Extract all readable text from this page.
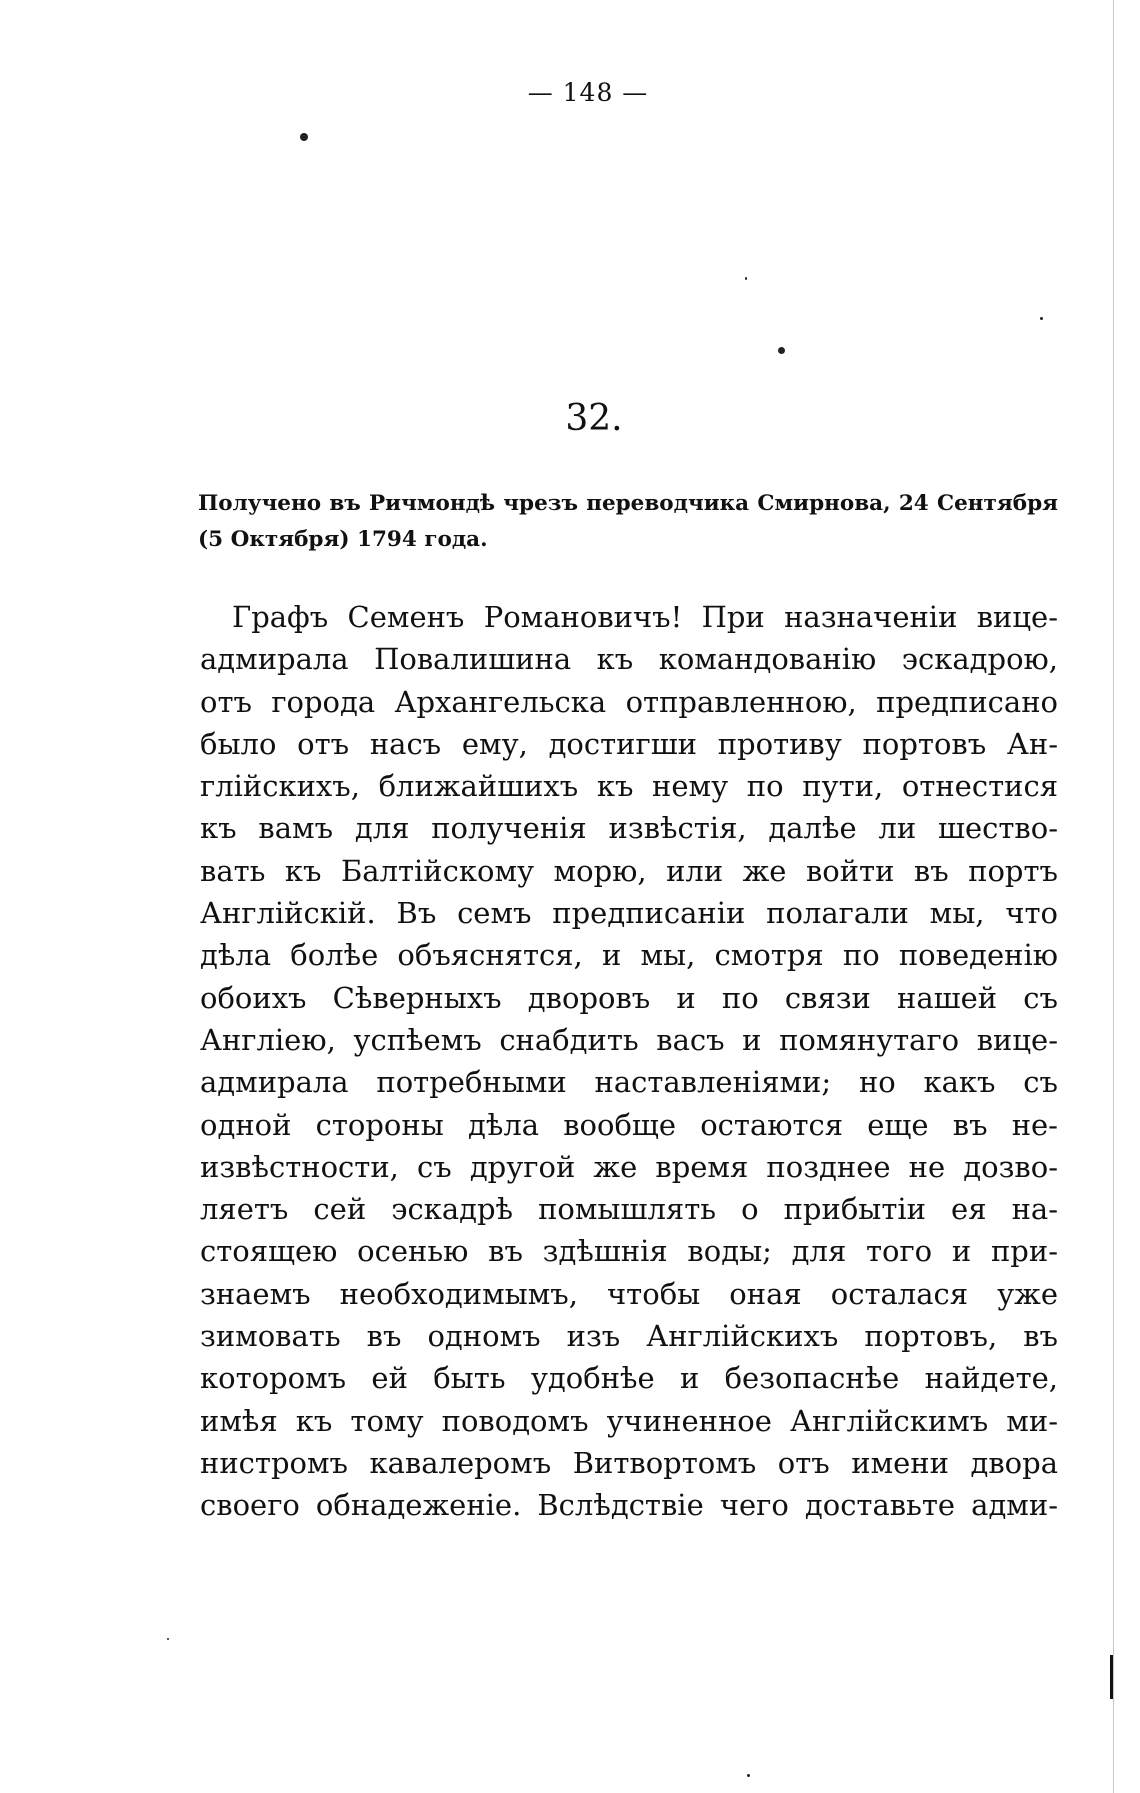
— 148 —
32.
Получено въ Ричмондѣ чрезъ переводчика Смирнова, 24 Сентября
(5 Октября) 1794 года.
Графъ Семенъ Романовичъ! При назначеніи вице-
адмирала Повалишина къ командованію эскадрою,
отъ города Архангельска отправленною, предписано
было отъ насъ ему, достигши противу портовъ Ан-
глійскихъ, ближайшихъ къ нему по пути, отнестися
къ вамъ для полученія извѣстія, далѣе ли шество-
вать къ Балтійскому морю, или же войти въ портъ
Англійскій. Въ семъ предписаніи полагали мы, что
дѣла болѣе объяснятся, и мы, смотря по поведенію
обоихъ Сѣверныхъ дворовъ и по связи нашей съ
Англіею, успѣемъ снабдить васъ и помянутаго вице-
адмирала потребными наставленіями; но какъ съ
одной стороны дѣла вообще остаются еще въ не-
извѣстности, съ другой же время позднее не дозво-
ляетъ сей эскадрѣ помышлять о прибытіи ея на-
стоящею осенью въ здѣшнія воды; для того и при-
знаемъ необходимымъ, чтобы оная осталася уже
зимовать въ одномъ изъ Англійскихъ портовъ, въ
которомъ ей быть удобнѣе и безопаснѣе найдете,
имѣя къ тому поводомъ учиненное Англійскимъ ми-
нистромъ кавалеромъ Витвортомъ отъ имени двора
своего обнадеженіе. Вслѣдствіе чего доставьте адми-
